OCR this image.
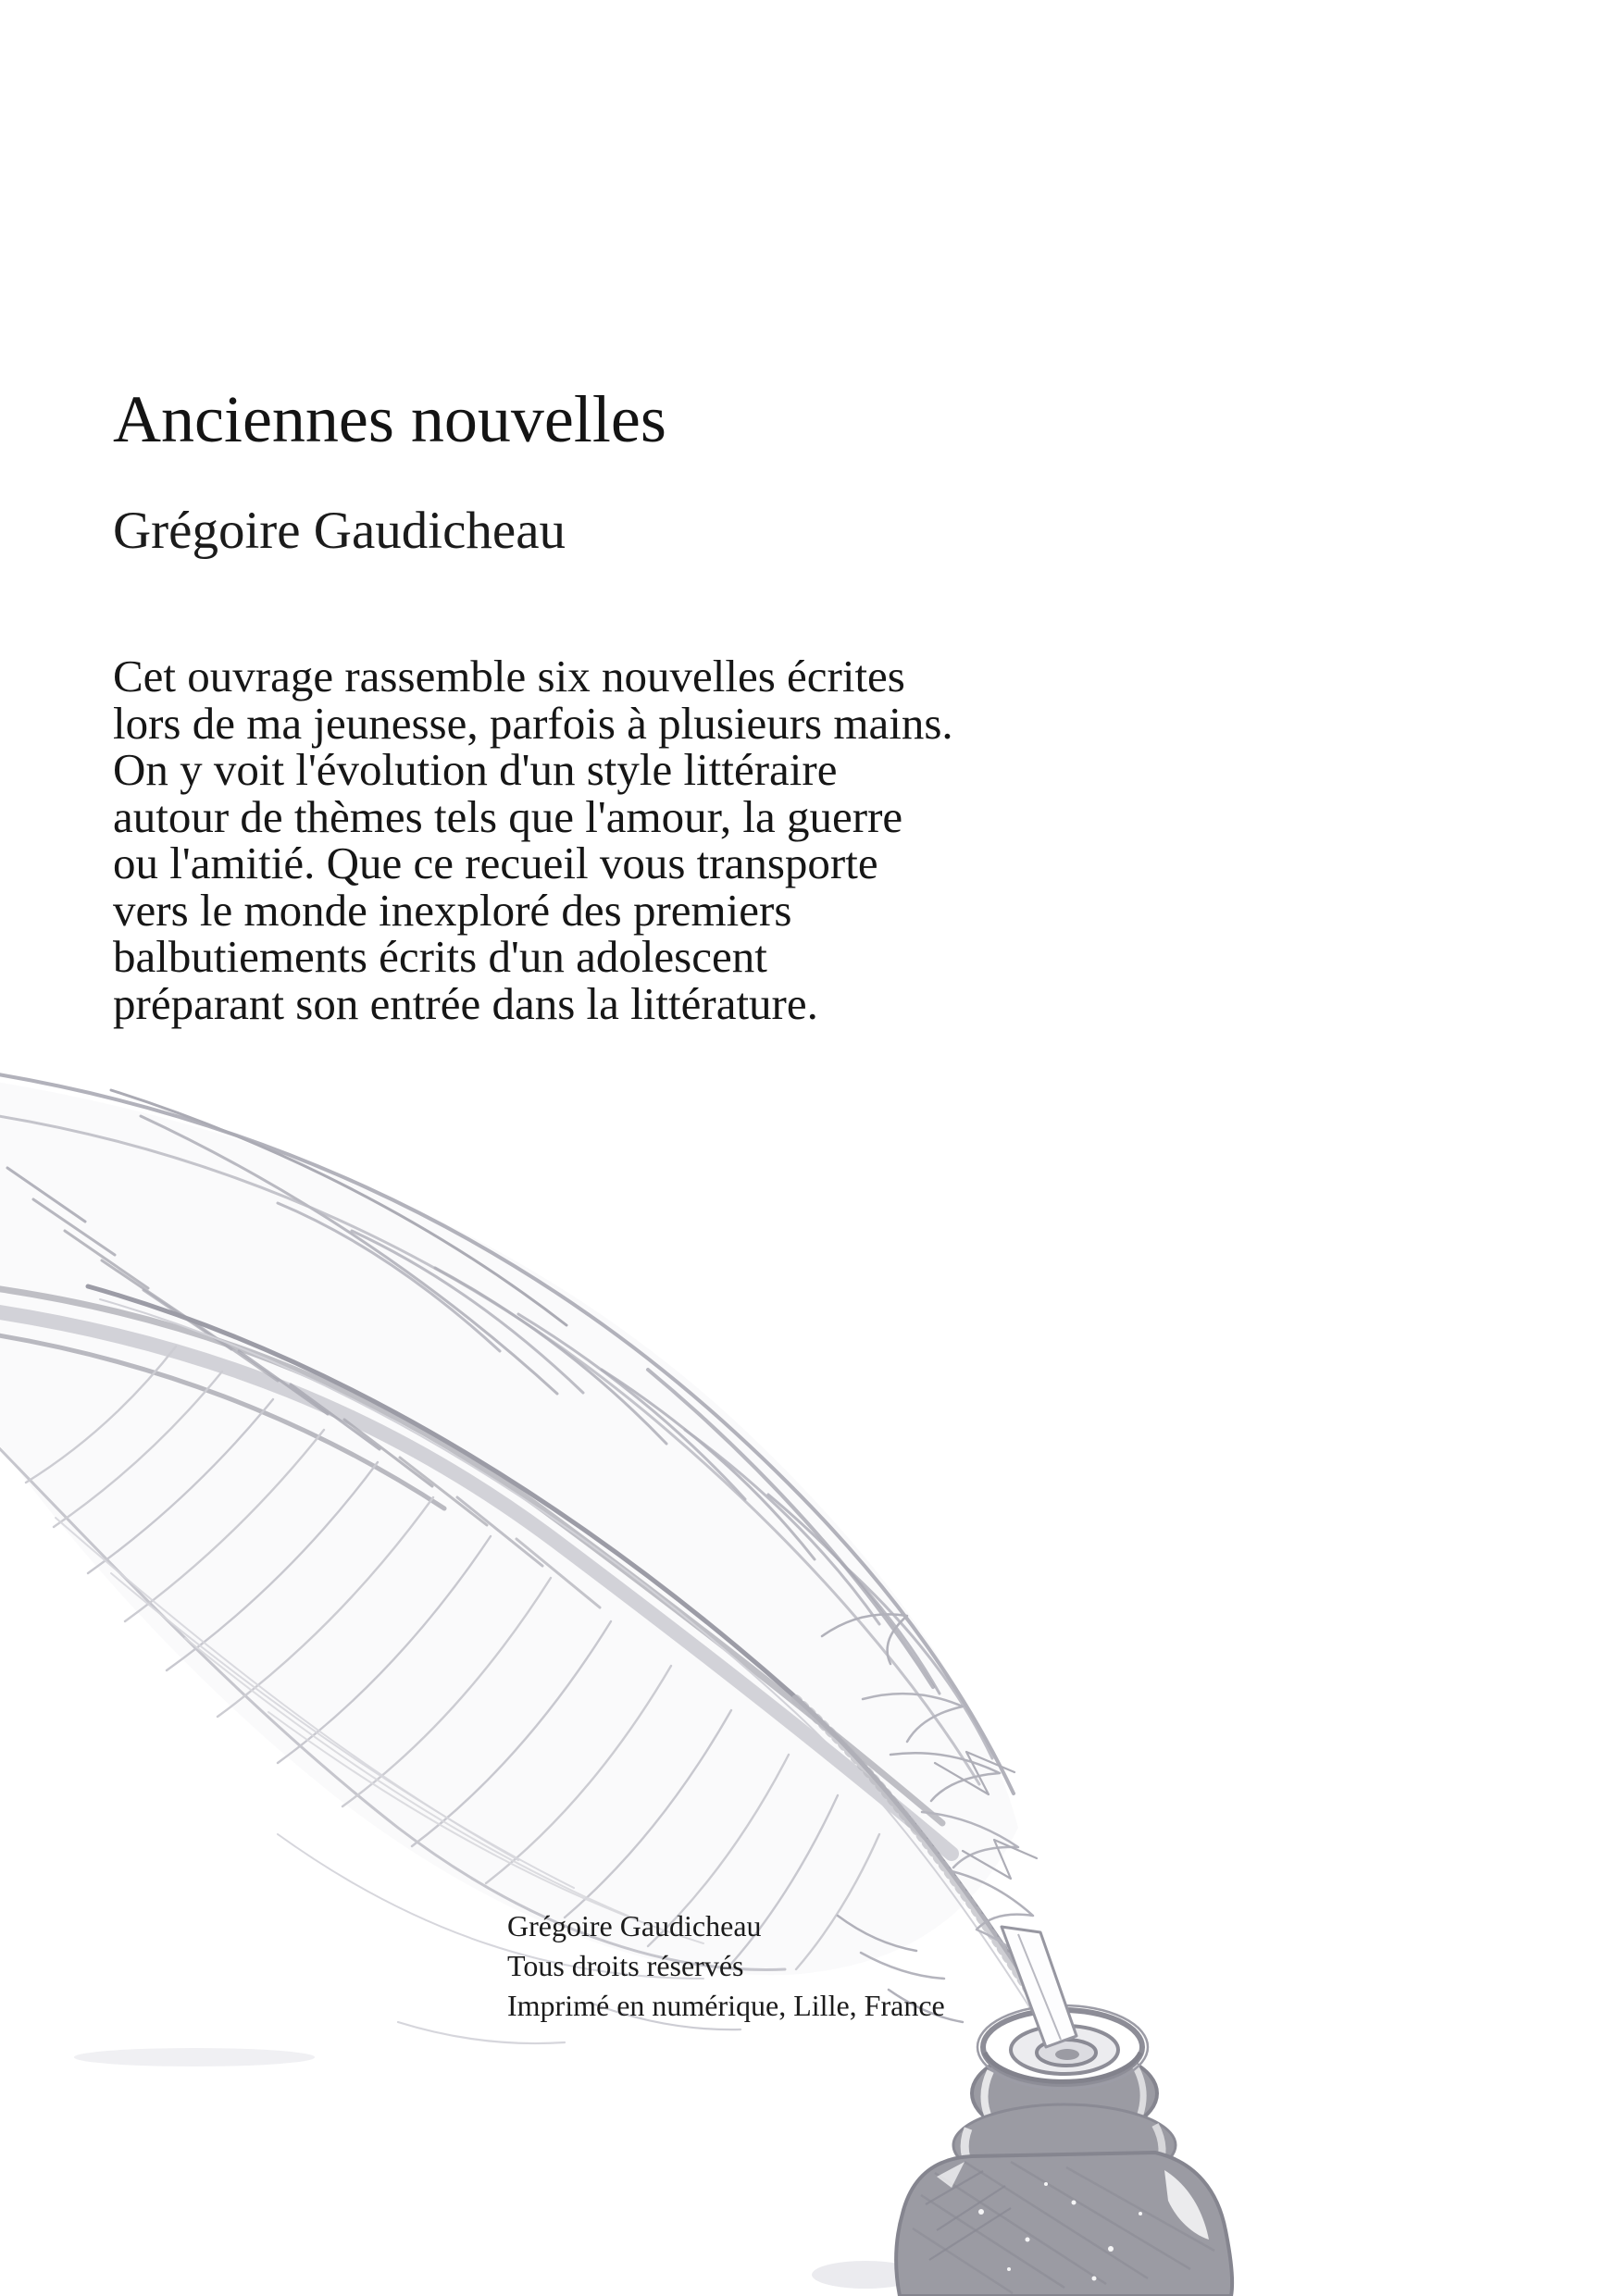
Anciennes nouvelles
Grégoire Gaudicheau
Cet ouvrage rassemble six nouvelles écrites
lors de ma jeunesse, parfois à plusieurs mains.
On y voit l'évolution d'un style littéraire
autour de thèmes tels que l'amour, la guerre
ou l'amitié. Que ce recueil vous transporte
vers le monde inexploré des premiers
balbutiements écrits d'un adolescent
préparant son entrée dans la littérature.
Grégoire Gaudicheau
Tous droits réservés
Imprimé en numérique, Lille, France
